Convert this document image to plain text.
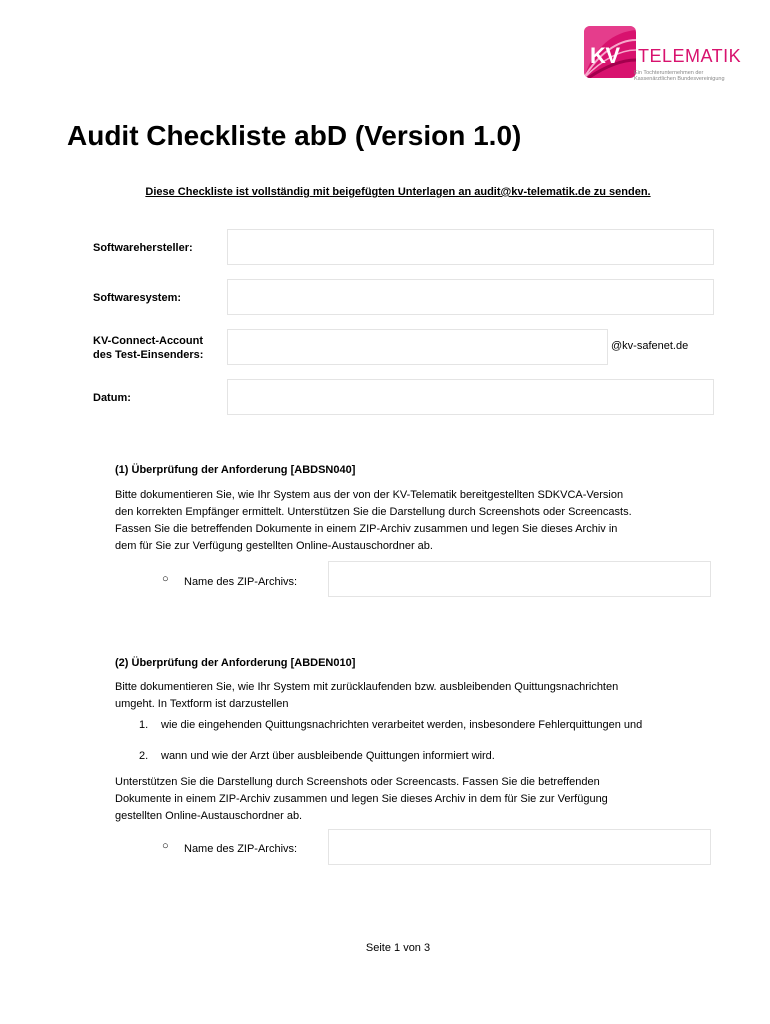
KV TELEMATIK
Ein Tochterunternehmen der
Kassenärztlichen Bundesvereinigung
Audit Checkliste abD (Version 1.0)
Diese Checkliste ist vollständig mit beigefügten Unterlagen an audit@kv-telematik.de zu senden.
Softwarehersteller:
Softwaresystem:
KV-Connect-Account
des Test-Einsenders:
@kv-safenet.de
Datum:
(1) Überprüfung der Anforderung [ABDSN040]
Bitte dokumentieren Sie, wie Ihr System aus der von der KV-Telematik bereitgestellten SDKVCA-Version
den korrekten Empfänger ermittelt. Unterstützen Sie die Darstellung durch Screenshots oder Screencasts.
Fassen Sie die betreffenden Dokumente in einem ZIP-Archiv zusammen und legen Sie dieses Archiv in
dem für Sie zur Verfügung gestellten Online-Austauschordner ab.
○ Name des ZIP-Archivs:
(2) Überprüfung der Anforderung [ABDEN010]
Bitte dokumentieren Sie, wie Ihr System mit zurücklaufenden bzw. ausbleibenden Quittungsnachrichten
umgeht. In Textform ist darzustellen
1. wie die eingehenden Quittungsnachrichten verarbeitet werden, insbesondere Fehlerquittungen und
2. wann und wie der Arzt über ausbleibende Quittungen informiert wird.
Unterstützen Sie die Darstellung durch Screenshots oder Screencasts. Fassen Sie die betreffenden
Dokumente in einem ZIP-Archiv zusammen und legen Sie dieses Archiv in dem für Sie zur Verfügung
gestellten Online-Austauschordner ab.
○ Name des ZIP-Archivs:
Seite 1 von 3
